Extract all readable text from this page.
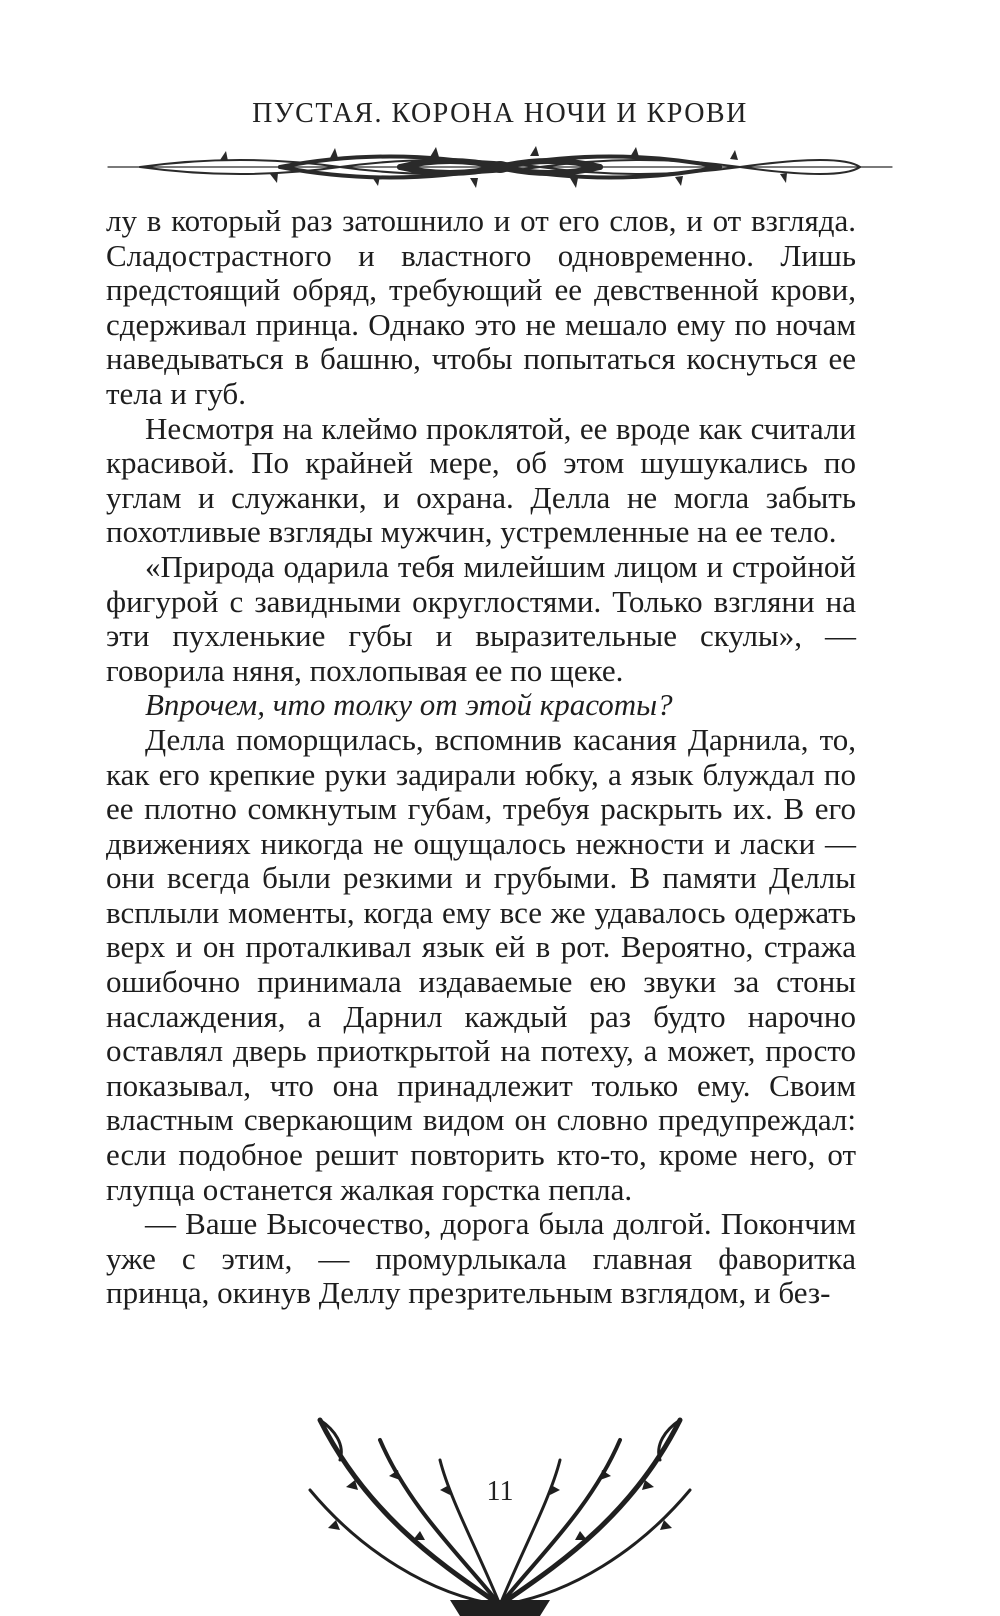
ПУСТАЯ. КОРОНА НОЧИ И КРОВИ

лу в который раз затошнило и от его слов, и от взгляда. Сладострастного и властного одновременно. Лишь предстоящий обряд, требующий ее девственной крови, сдерживал принца. Однако это не мешало ему по ночам наведываться в башню, чтобы попытаться коснуться ее тела и губ.

Несмотря на клеймо проклятой, ее вроде как считали красивой. По крайней мере, об этом шушукались по углам и служанки, и охрана. Делла не могла забыть похотливые взгляды мужчин, устремленные на ее тело.

«Природа одарила тебя милейшим лицом и стройной фигурой с завидными округлостями. Только взгляни на эти пухленькие губы и выразительные скулы», — говорила няня, похлопывая ее по щеке.

Впрочем, что толку от этой красоты?

Делла поморщилась, вспомнив касания Дарнила, то, как его крепкие руки задирали юбку, а язык блуждал по ее плотно сомкнутым губам, требуя раскрыть их. В его движениях никогда не ощущалось нежности и ласки — они всегда были резкими и грубыми. В памяти Деллы всплыли моменты, когда ему все же удавалось одержать верх и он проталкивал язык ей в рот. Вероятно, стража ошибочно принимала издаваемые ею звуки за стоны наслаждения, а Дарнил каждый раз будто нарочно оставлял дверь приоткрытой на потеху, а может, просто показывал, что она принадлежит только ему. Своим властным сверкающим видом он словно предупреждал: если подобное решит повторить кто-то, кроме него, от глупца останется жалкая горстка пепла.

— Ваше Высочество, дорога была долгой. Покончим уже с этим, — промурлыкала главная фаворитка принца, окинув Деллу презрительным взглядом, и без-

11
